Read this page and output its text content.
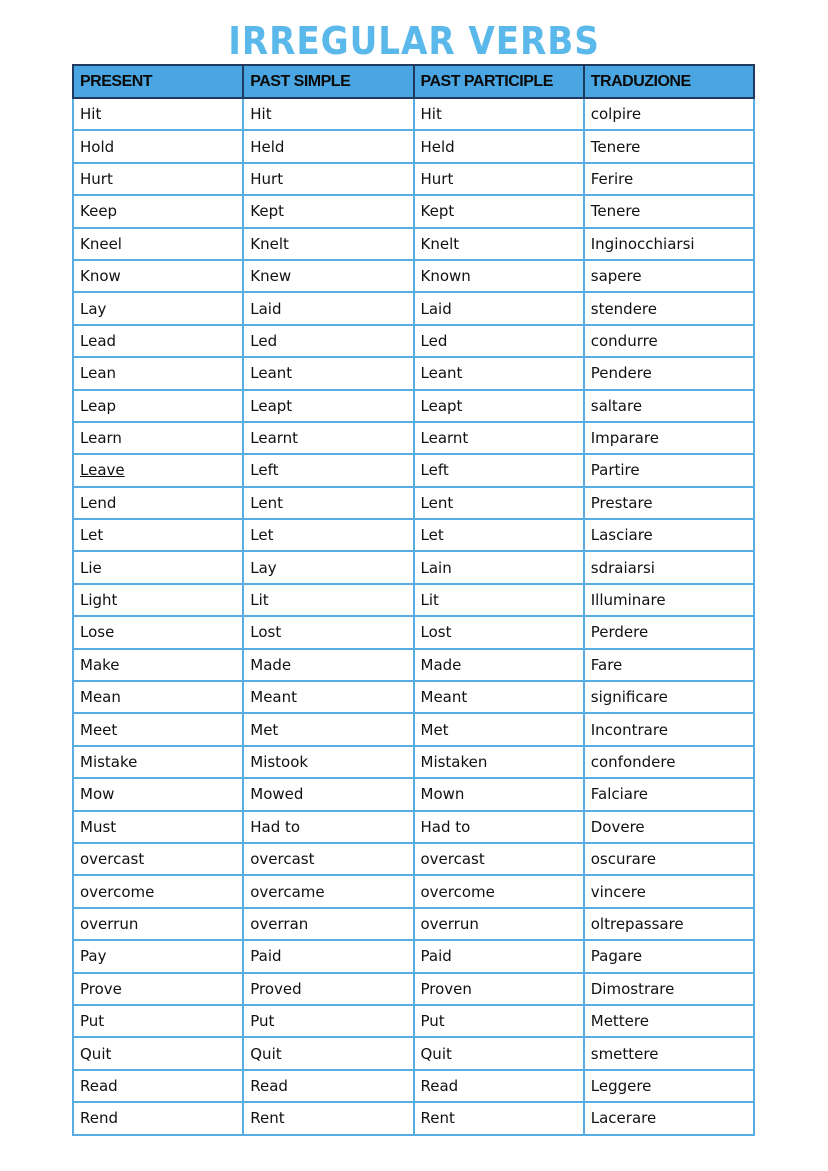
IRREGULAR VERBS
PRESENT	PAST SIMPLE	PAST PARTICIPLE	TRADUZIONE
Hit	Hit	Hit	colpire
Hold	Held	Held	Tenere
Hurt	Hurt	Hurt	Ferire
Keep	Kept	Kept	Tenere
Kneel	Knelt	Knelt	Inginocchiarsi
Know	Knew	Known	sapere
Lay	Laid	Laid	stendere
Lead	Led	Led	condurre
Lean	Leant	Leant	Pendere
Leap	Leapt	Leapt	saltare
Learn	Learnt	Learnt	Imparare
Leave	Left	Left	Partire
Lend	Lent	Lent	Prestare
Let	Let	Let	Lasciare
Lie	Lay	Lain	sdraiarsi
Light	Lit	Lit	Illuminare
Lose	Lost	Lost	Perdere
Make	Made	Made	Fare
Mean	Meant	Meant	significare
Meet	Met	Met	Incontrare
Mistake	Mistook	Mistaken	confondere
Mow	Mowed	Mown	Falciare
Must	Had to	Had to	Dovere
overcast	overcast	overcast	oscurare
overcome	overcame	overcome	vincere
overrun	overran	overrun	oltrepassare
Pay	Paid	Paid	Pagare
Prove	Proved	Proven	Dimostrare
Put	Put	Put	Mettere
Quit	Quit	Quit	smettere
Read	Read	Read	Leggere
Rend	Rent	Rent	Lacerare
